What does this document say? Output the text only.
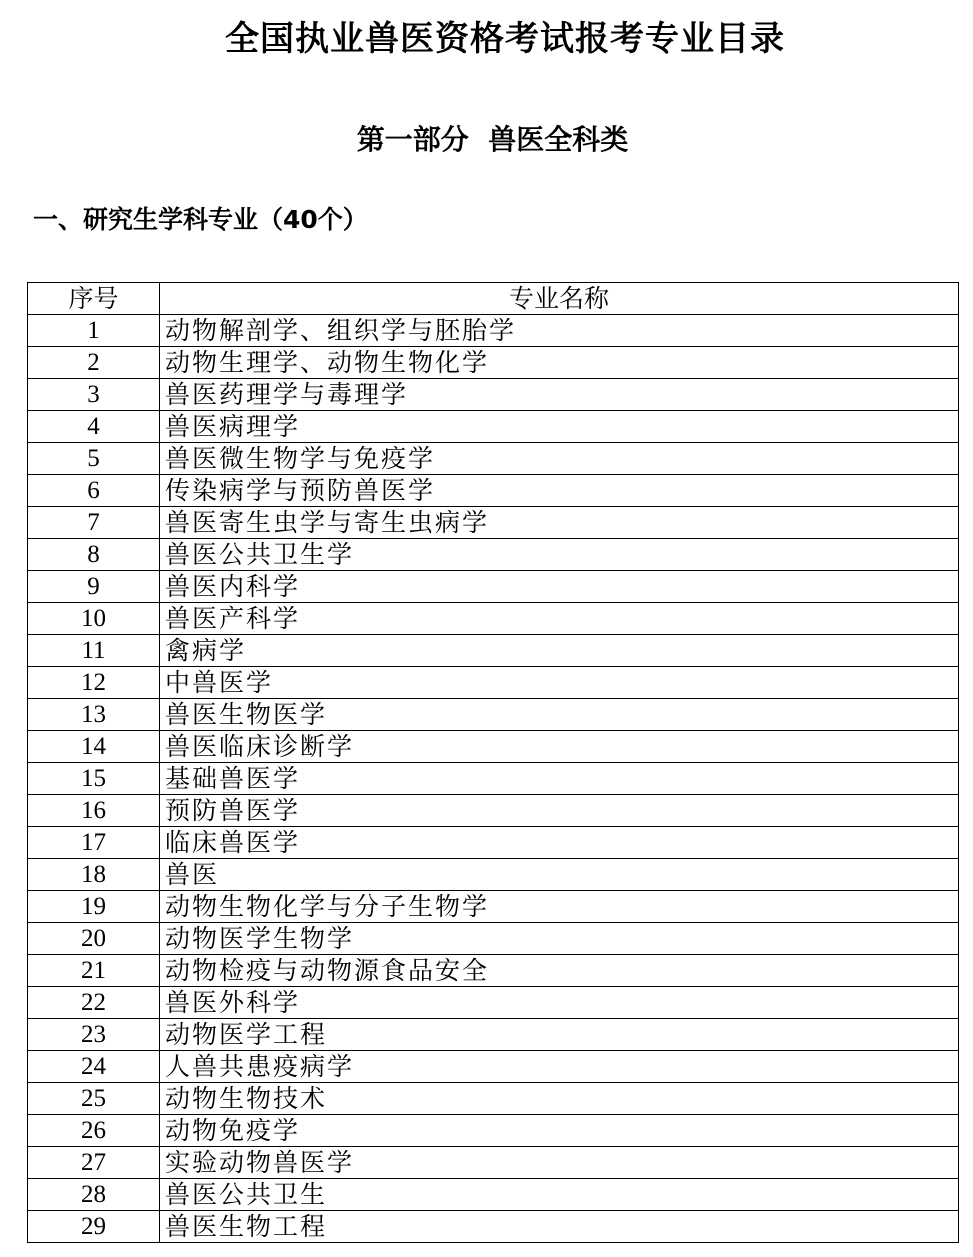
全国执业兽医资格考试报考专业目录
第一部分  兽医全科类
一、研究生学科专业（40个）
序号	专业名称
1	动物解剖学、组织学与胚胎学
2	动物生理学、动物生物化学
3	兽医药理学与毒理学
4	兽医病理学
5	兽医微生物学与免疫学
6	传染病学与预防兽医学
7	兽医寄生虫学与寄生虫病学
8	兽医公共卫生学
9	兽医内科学
10	兽医产科学
11	禽病学
12	中兽医学
13	兽医生物医学
14	兽医临床诊断学
15	基础兽医学
16	预防兽医学
17	临床兽医学
18	兽医
19	动物生物化学与分子生物学
20	动物医学生物学
21	动物检疫与动物源食品安全
22	兽医外科学
23	动物医学工程
24	人兽共患疫病学
25	动物生物技术
26	动物免疫学
27	实验动物兽医学
28	兽医公共卫生
29	兽医生物工程
